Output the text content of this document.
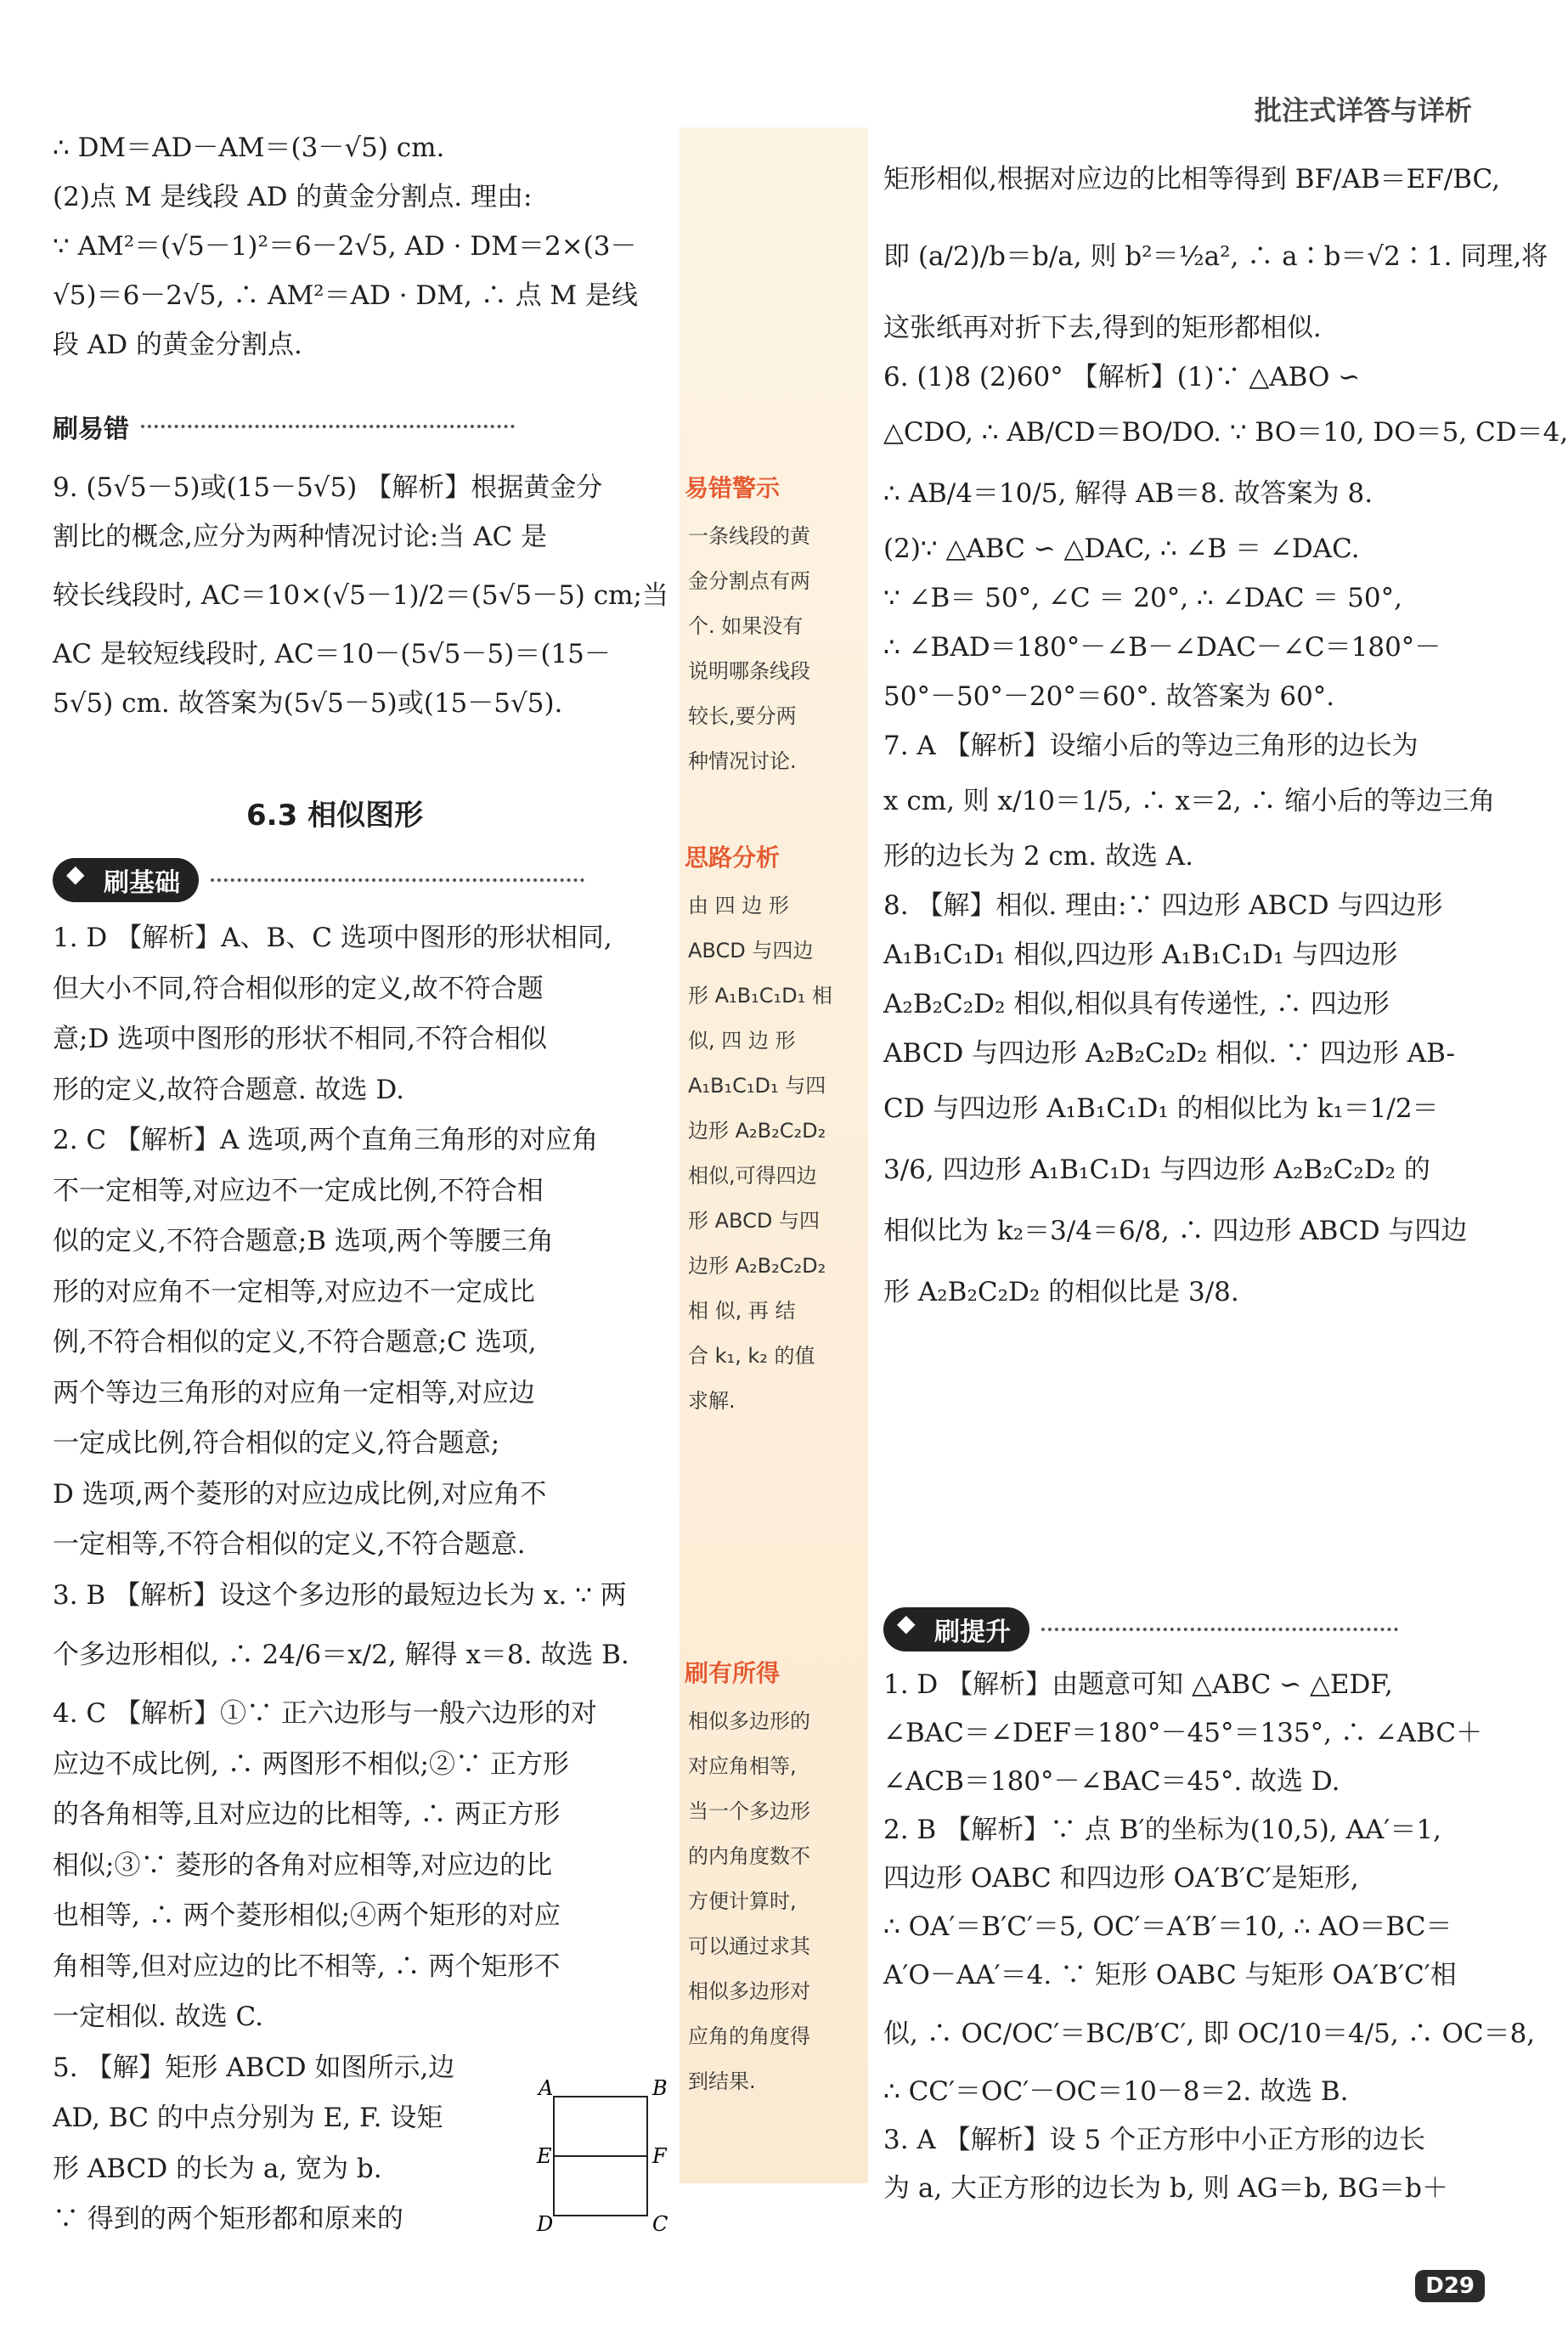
批注式详答与详析
∴ DM＝AD－AM＝(3－√5) cm.
(2)点 M 是线段 AD 的黄金分割点. 理由:
∵ AM²＝(√5－1)²＝6－2√5, AD · DM＝2×(3－
√5)＝6－2√5, ∴ AM²＝AD · DM, ∴ 点 M 是线
段 AD 的黄金分割点.
刷易错
9. (5√5－5)或(15－5√5) 【解析】根据黄金分
割比的概念,应分为两种情况讨论:当 AC 是
较长线段时, AC＝10×(√5－1)/2＝(5√5－5) cm;当
AC 是较短线段时, AC＝10－(5√5－5)＝(15－
5√5) cm. 故答案为(5√5－5)或(15－5√5).
6.3 相似图形
◆ 刷基础
1. D 【解析】A、B、C 选项中图形的形状相同,
但大小不同,符合相似形的定义,故不符合题
意;D 选项中图形的形状不相同,不符合相似
形的定义,故符合题意. 故选 D.
2. C 【解析】A 选项,两个直角三角形的对应角
不一定相等,对应边不一定成比例,不符合相
似的定义,不符合题意;B 选项,两个等腰三角
形的对应角不一定相等,对应边不一定成比
例,不符合相似的定义,不符合题意;C 选项,
两个等边三角形的对应角一定相等,对应边
一定成比例,符合相似的定义,符合题意;
D 选项,两个菱形的对应边成比例,对应角不
一定相等,不符合相似的定义,不符合题意.
3. B 【解析】设这个多边形的最短边长为 x. ∵ 两
个多边形相似, ∴ 24/6＝x/2, 解得 x＝8. 故选 B.
4. C 【解析】①∵ 正六边形与一般六边形的对
应边不成比例, ∴ 两图形不相似;②∵ 正方形
的各角相等,且对应边的比相等, ∴ 两正方形
相似;③∵ 菱形的各角对应相等,对应边的比
也相等, ∴ 两个菱形相似;④两个矩形的对应
角相等,但对应边的比不相等, ∴ 两个矩形不
一定相似. 故选 C.
5. 【解】矩形 ABCD 如图所示,边
AD, BC 的中点分别为 E, F. 设矩
形 ABCD 的长为 a, 宽为 b.
∵ 得到的两个矩形都和原来的
A	B
E	F
D	C
易错警示
一条线段的黄
金分割点有两
个. 如果没有
说明哪条线段
较长,要分两
种情况讨论.
思路分析
由 四 边 形
ABCD 与四边
形 A₁B₁C₁D₁ 相
似, 四 边 形
A₁B₁C₁D₁ 与四
边形 A₂B₂C₂D₂
相似,可得四边
形 ABCD 与四
边形 A₂B₂C₂D₂
相 似, 再 结
合 k₁, k₂ 的值
求解.
刷有所得
相似多边形的
对应角相等,
当一个多边形
的内角度数不
方便计算时,
可以通过求其
相似多边形对
应角的角度得
到结果.
矩形相似,根据对应边的比相等得到 BF/AB＝EF/BC,
即 (a/2)/b＝b/a, 则 b²＝½a², ∴ a∶b＝√2∶1. 同理,将
这张纸再对折下去,得到的矩形都相似.
6. (1)8 (2)60° 【解析】(1)∵ △ABO ∽
△CDO, ∴ AB/CD＝BO/DO. ∵ BO＝10, DO＝5, CD＝4,
∴ AB/4＝10/5, 解得 AB＝8. 故答案为 8.
(2)∵ △ABC ∽ △DAC, ∴ ∠B ＝ ∠DAC.
∵ ∠B＝ 50°, ∠C ＝ 20°, ∴ ∠DAC ＝ 50°,
∴ ∠BAD＝180°－∠B－∠DAC－∠C＝180°－
50°－50°－20°＝60°. 故答案为 60°.
7. A 【解析】设缩小后的等边三角形的边长为
x cm, 则 x/10＝1/5, ∴ x＝2, ∴ 缩小后的等边三角
形的边长为 2 cm. 故选 A.
8. 【解】相似. 理由:∵ 四边形 ABCD 与四边形
A₁B₁C₁D₁ 相似,四边形 A₁B₁C₁D₁ 与四边形
A₂B₂C₂D₂ 相似,相似具有传递性, ∴ 四边形
ABCD 与四边形 A₂B₂C₂D₂ 相似. ∵ 四边形 AB-
CD 与四边形 A₁B₁C₁D₁ 的相似比为 k₁＝1/2＝
3/6, 四边形 A₁B₁C₁D₁ 与四边形 A₂B₂C₂D₂ 的
相似比为 k₂＝3/4＝6/8, ∴ 四边形 ABCD 与四边
形 A₂B₂C₂D₂ 的相似比是 3/8.
◆ 刷提升
1. D 【解析】由题意可知 △ABC ∽ △EDF,
∠BAC＝∠DEF＝180°－45°＝135°, ∴ ∠ABC＋
∠ACB＝180°－∠BAC＝45°. 故选 D.
2. B 【解析】∵ 点 B′的坐标为(10,5), AA′＝1,
四边形 OABC 和四边形 OA′B′C′是矩形,
∴ OA′＝B′C′＝5, OC′＝A′B′＝10, ∴ AO＝BC＝
A′O－AA′＝4. ∵ 矩形 OABC 与矩形 OA′B′C′相
似, ∴ OC/OC′＝BC/B′C′, 即 OC/10＝4/5, ∴ OC＝8,
∴ CC′＝OC′－OC＝10－8＝2. 故选 B.
3. A 【解析】设 5 个正方形中小正方形的边长
为 a, 大正方形的边长为 b, 则 AG＝b, BG＝b＋
D29
